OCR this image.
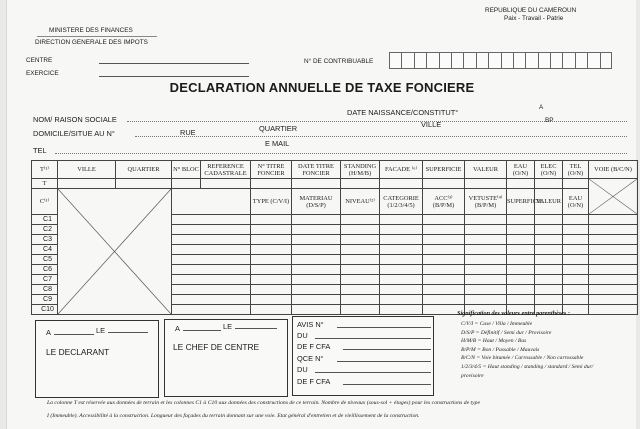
MINISTERE DES FINANCES
DIRECTION GENERALE DES IMPOTS
REPUBLIQUE DU CAMEROUN
Paix - Travail - Patrie
CENTRE
EXERCICE
N° DE CONTRIBUABLE
DECLARATION ANNUELLE DE TAXE FONCIERE
NOM/ RAISON SOCIALE
DATE NAISSANCE/CONSTITUT°
A
DOMICILE/SITUE AU N°	RUE	QUARTIER	VILLE	BP
TEL
E MAIL
T⁽¹⁾	VILLE	QUARTIER	N° BLOC	REFERENCE CADASTRALE	N° TITRE FONCIER	DATE TITRE FONCIER	STANDING (H/M/B)	FACADE ⁽⁶⁾	SUPERFICIE	VALEUR	EAU (O/N)	ELEC (O/N)	TEL (O/N)	VOIE (B/C/N)	
T														

C⁽¹⁾					TYPE (C/V/I)	MATERIAU (D/S/P)	NIVEAU⁽²⁾	CATEGORIE (1/2/3/4/5)	ACC⁽³⁾ (B/P/M)	VETUSTE⁽⁴⁾ (B/P/M)	SUPERFICIE	VALEUR	EAU (O/N)		
C1												

C2															
C3															
C4															
C5															
C6															
C7															
C8															
C9															
C10															
A	LE
LE DECLARANT
A	LE
LE CHEF DE CENTRE
AVIS N°
DU
DE F CFA
QCE N°
DU
DE F CFA
Signification des valeurs entre parenthèses :
C/V/I = Case / Villa / Immeuble
D/S/P = Définitif / Semi dur / Provisoire
H/M/B = Haut / Moyen / Bas
B/P/M = Bon / Passable / Mauvais
B/C/N = Voie bitumée / Carrossable / Non carrossable
1/2/3/4/5 = Haut standing / standing / standard / Semi dur/
provisoire
La colonne T est réservée aux données de terrain et les colonnes C1 à C10 aux données des constructions de ce terrain. Nombre de niveaux (sous-sol + étages) pour les constructions de type
I (Immeuble). Accessibilité à la construction. Longueur des façades du terrain donnant sur une voie. Etat général d'entretien et de vieillissement de la construction.
